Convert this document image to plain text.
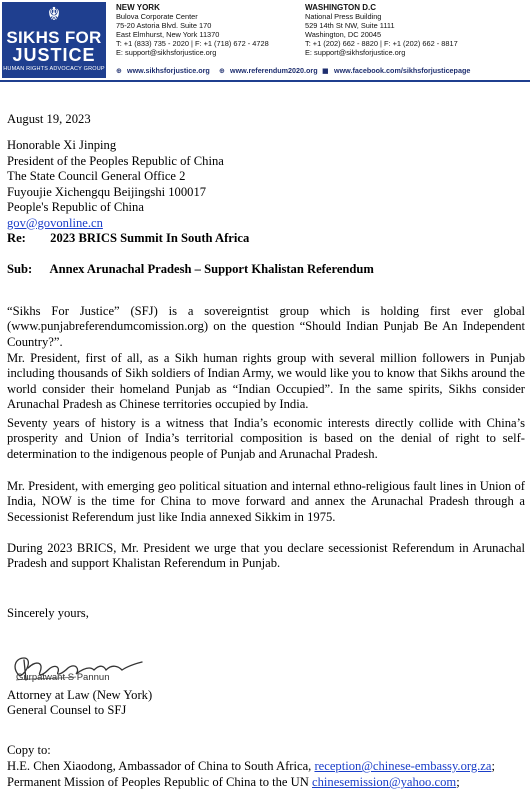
☬
SIKHS FOR
JUSTICE
HUMAN RIGHTS ADVOCACY GROUP
NEW YORK
Bulova Corporate Center
75-20 Astoria Blvd. Suite 170
East Elmhurst, New York 11370
T: +1 (833) 735 - 2020 | F: +1 (718) 672 - 4728
E: support@sikhsforjustice.org
WASHINGTON D.C
National Press Building
529 14th St NW, Suite 1111
Washington, DC 20045
T: +1 (202) 662 - 8820 | F: +1 (202) 662 - 8817
E: support@sikhsforjustice.org
⊕ www.sikhsforjustice.org ⊕ www.referendum2020.org ■ www.facebook.com/sikhsforjusticepage
August 19, 2023
Honorable Xi Jinping
President of the Peoples Republic of China
The State Council General Office 2
Fuyoujie Xichengqu Beijingshi 100017
People's Republic of China
gov@govonline.cn
Re: 2023 BRICS Summit In South Africa
Sub: Annex Arunachal Pradesh – Support Khalistan Referendum

“Sikhs For Justice” (SFJ) is a sovereigntist group which is holding first ever global (www.punjabreferendumcomission.org) on the question “Should Indian Punjab Be An Independent Country?”.

Mr. President, first of all, as a Sikh human rights group with several million followers in Punjab including thousands of Sikh soldiers of Indian Army, we would like you to know that Sikhs around the world consider their homeland Punjab as “Indian Occupied”. In the same spirits, Sikhs consider Arunachal Pradesh as Chinese territories occupied by India.

Seventy years of history is a witness that India’s economic interests directly collide with China’s prosperity and Union of India’s territorial composition is based on the denial of right to self-determination to the indigenous people of Punjab and Arunachal Pradesh.

Mr. President, with emerging geo political situation and internal ethno-religious fault lines in Union of India, NOW is the time for China to move forward and annex the Arunachal Pradesh through a Secessionist Referendum just like India annexed Sikkim in 1975.

During 2023 BRICS, Mr. President we urge that you declare secessionist Referendum in Arunachal Pradesh and support Khalistan Referendum in Punjab.

Sincerely yours,
Gurpatwant S Pannun
Attorney at Law (New York)
General Counsel to SFJ
Copy to:
H.E. Chen Xiaodong, Ambassador of China to South Africa, reception@chinese-embassy.org.za;
Permanent Mission of Peoples Republic of China to the UN chinesemission@yahoo.com;
